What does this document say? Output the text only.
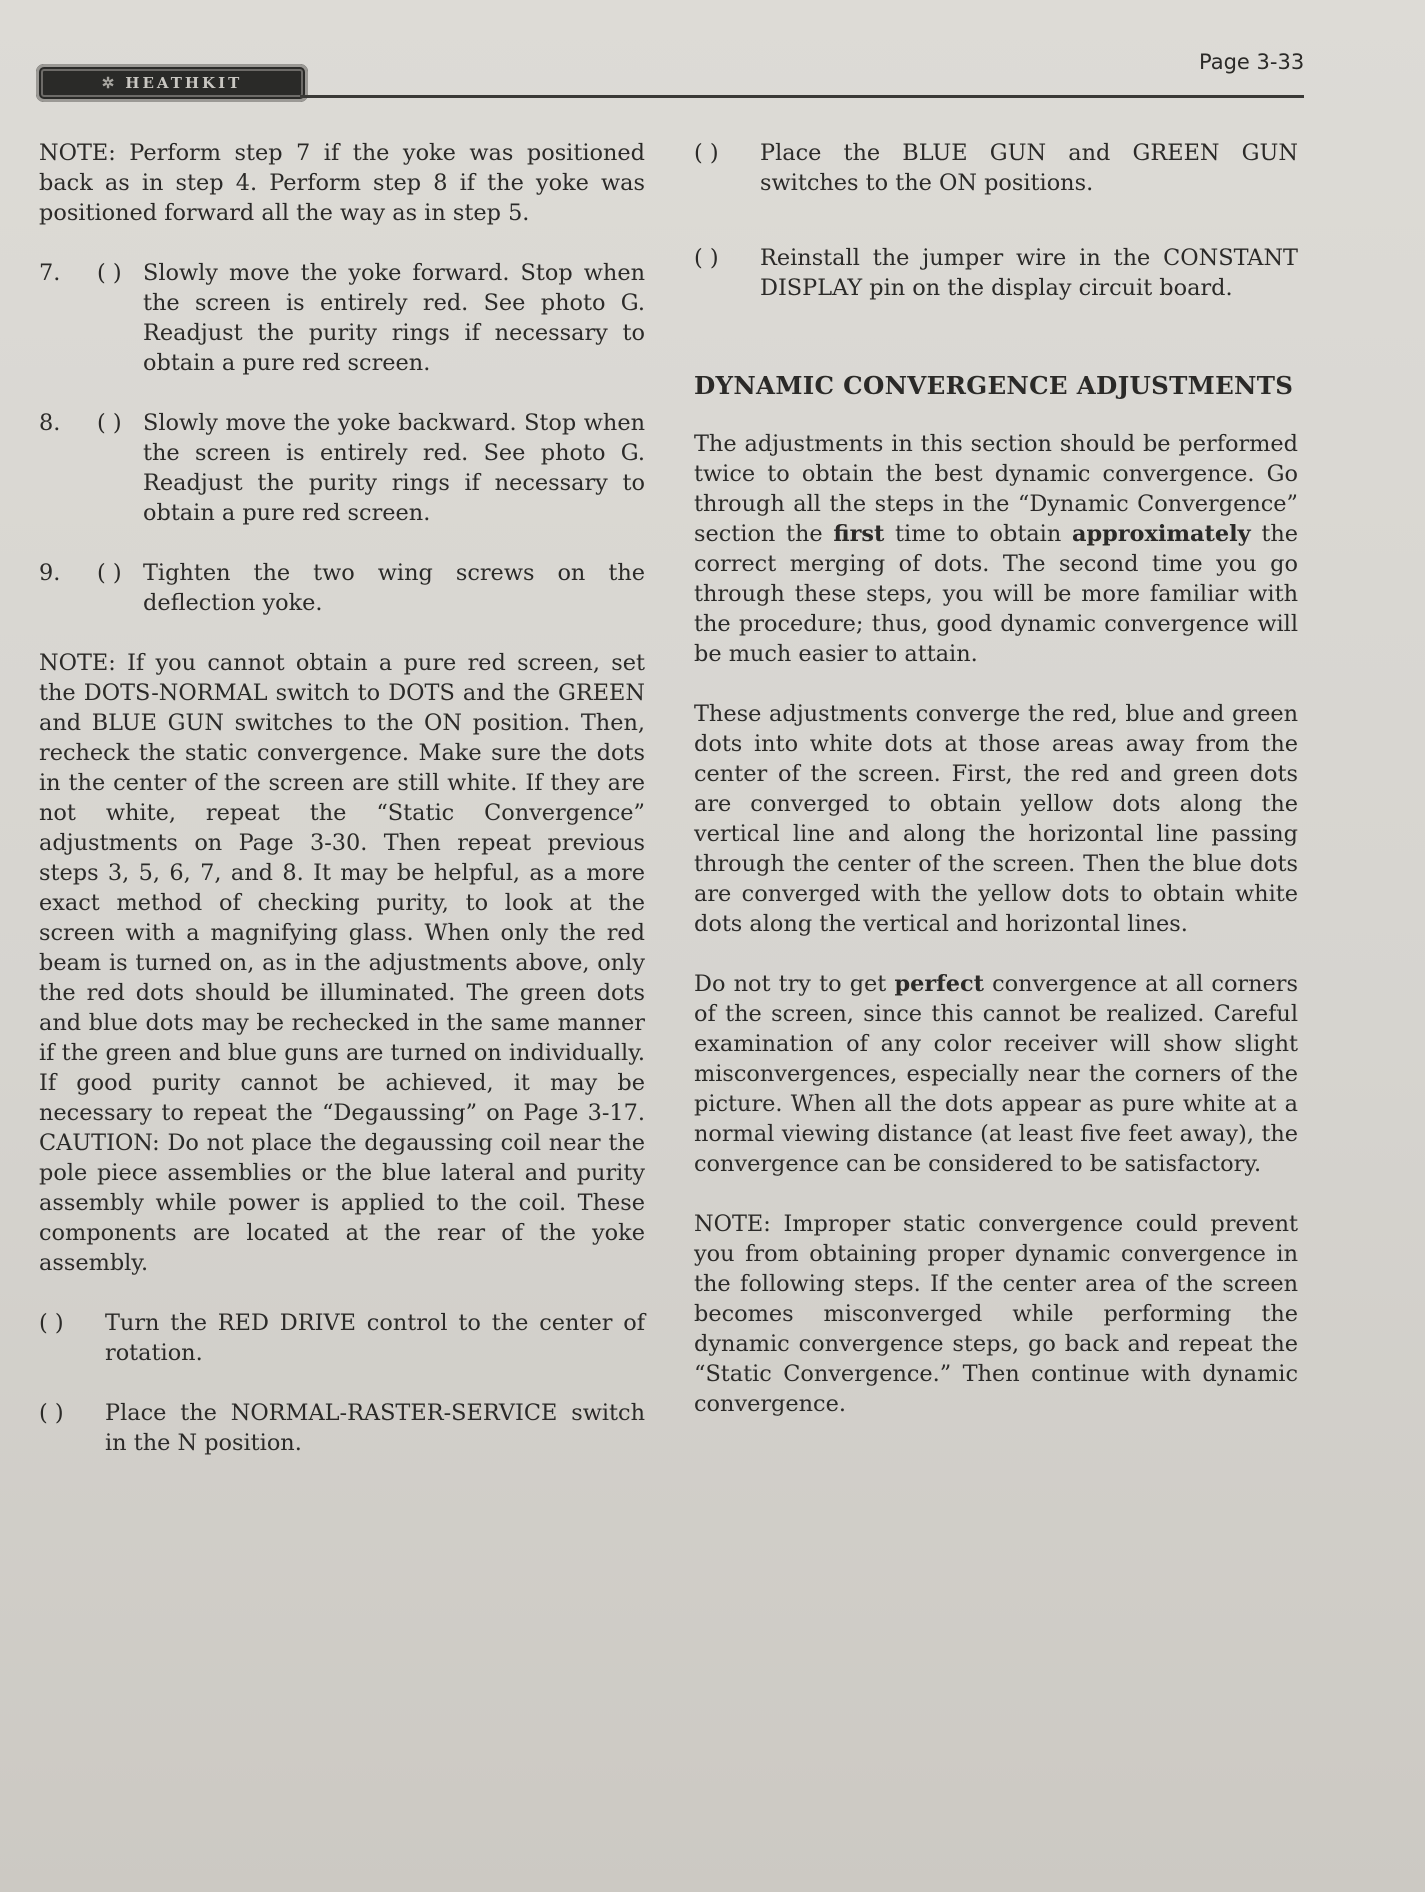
✲ HEATHKIT
Page 3-33

NOTE: Perform step 7 if the yoke was positioned back as in step 4. Perform step 8 if the yoke was positioned forward all the way as in step 5.

7.	( ) Slowly move the yoke forward. Stop when the screen is entirely red. See photo G. Readjust the purity rings if necessary to obtain a pure red screen.
8.	( ) Slowly move the yoke backward. Stop when the screen is entirely red. See photo G. Readjust the purity rings if necessary to obtain a pure red screen.
9.	( ) Tighten the two wing screws on the deflection yoke.

NOTE: If you cannot obtain a pure red screen, set the DOTS-NORMAL switch to DOTS and the GREEN and BLUE GUN switches to the ON position. Then, recheck the static convergence. Make sure the dots in the center of the screen are still white. If they are not white, repeat the “Static Convergence” adjustments on Page 3-30. Then repeat previous steps 3, 5, 6, 7, and 8. It may be helpful, as a more exact method of checking purity, to look at the screen with a magnifying glass. When only the red beam is turned on, as in the adjustments above, only the red dots should be illuminated. The green dots and blue dots may be rechecked in the same manner if the green and blue guns are turned on individually. If good purity cannot be achieved, it may be necessary to repeat the “Degaussing” on Page 3-17. CAUTION: Do not place the degaussing coil near the pole piece assemblies or the blue lateral and purity assembly while power is applied to the coil. These components are located at the rear of the yoke assembly.

( )	Turn the RED DRIVE control to the center of rotation.
( )	Place the NORMAL-RASTER-SERVICE switch in the N position.
( )	Place the BLUE GUN and GREEN GUN switches to the ON positions.
( )	Reinstall the jumper wire in the CONSTANT DISPLAY pin on the display circuit board.
DYNAMIC CONVERGENCE ADJUSTMENTS

The adjustments in this section should be performed twice to obtain the best dynamic convergence. Go through all the steps in the “Dynamic Convergence” section the first time to obtain approximately the correct merging of dots. The second time you go through these steps, you will be more familiar with the procedure; thus, good dynamic convergence will be much easier to attain.

These adjustments converge the red, blue and green dots into white dots at those areas away from the center of the screen. First, the red and green dots are converged to obtain yellow dots along the vertical line and along the horizontal line passing through the center of the screen. Then the blue dots are converged with the yellow dots to obtain white dots along the vertical and horizontal lines.

Do not try to get perfect convergence at all corners of the screen, since this cannot be realized. Careful examination of any color receiver will show slight misconvergences, especially near the corners of the picture. When all the dots appear as pure white at a normal viewing distance (at least five feet away), the convergence can be considered to be satisfactory.

NOTE: Improper static convergence could prevent you from obtaining proper dynamic convergence in the following steps. If the center area of the screen becomes misconverged while performing the dynamic convergence steps, go back and repeat the “Static Convergence.” Then continue with dynamic convergence.
